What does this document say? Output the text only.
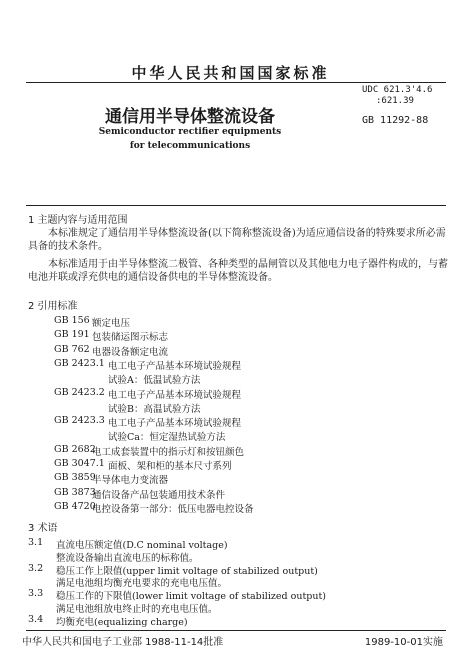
中华人民共和国国家标准
UDC 621.3'4.6
:621.39
GB 11292-88
通信用半导体整流设备
Semiconductor rectifier equipments
for telecommunications
1 主题内容与适用范围
本标准规定了通信用半导体整流设备(以下简称整流设备)为适应通信设备的特殊要求所必需具备的技术条件。
本标准适用于由半导体整流二极管、各种类型的晶闸管以及其他电力电子器件构成的，与蓄电池并联或浮充供电的通信设备供电的半导体整流设备。
2 引用标准
GB 156 额定电压
GB 191 包装储运图示标志
GB 762 电器设备额定电流
GB 2423.1 电工电子产品基本环境试验规程
试验A：低温试验方法
GB 2423.2 电工电子产品基本环境试验规程
试验B：高温试验方法
GB 2423.3 电工电子产品基本环境试验规程
试验Ca：恒定湿热试验方法
GB 2682
电工成套装置中的指示灯和按钮颜色
GB 3047.1 面板、架和柜的基本尺寸系列
GB 3859
半导体电力变流器
GB 3873
通信设备产品包装通用技术条件
GB 4720
电控设备第一部分：低压电器电控设备
3 术语
3.1 直流电压额定值(D.C nominal voltage)
整流设备输出直流电压的标称值。
3.2 稳压工作上限值(upper limit voltage of stabilized output)
满足电池组均衡充电要求的充电电压值。
3.3 稳压工作的下限值(lower limit voltage of stabilized output)
满足电池组放电终止时的充电电压值。
3.4 均衡充电(equalizing charge)
中华人民共和国电子工业部 1988-11-14批准	1989-10-01实施
